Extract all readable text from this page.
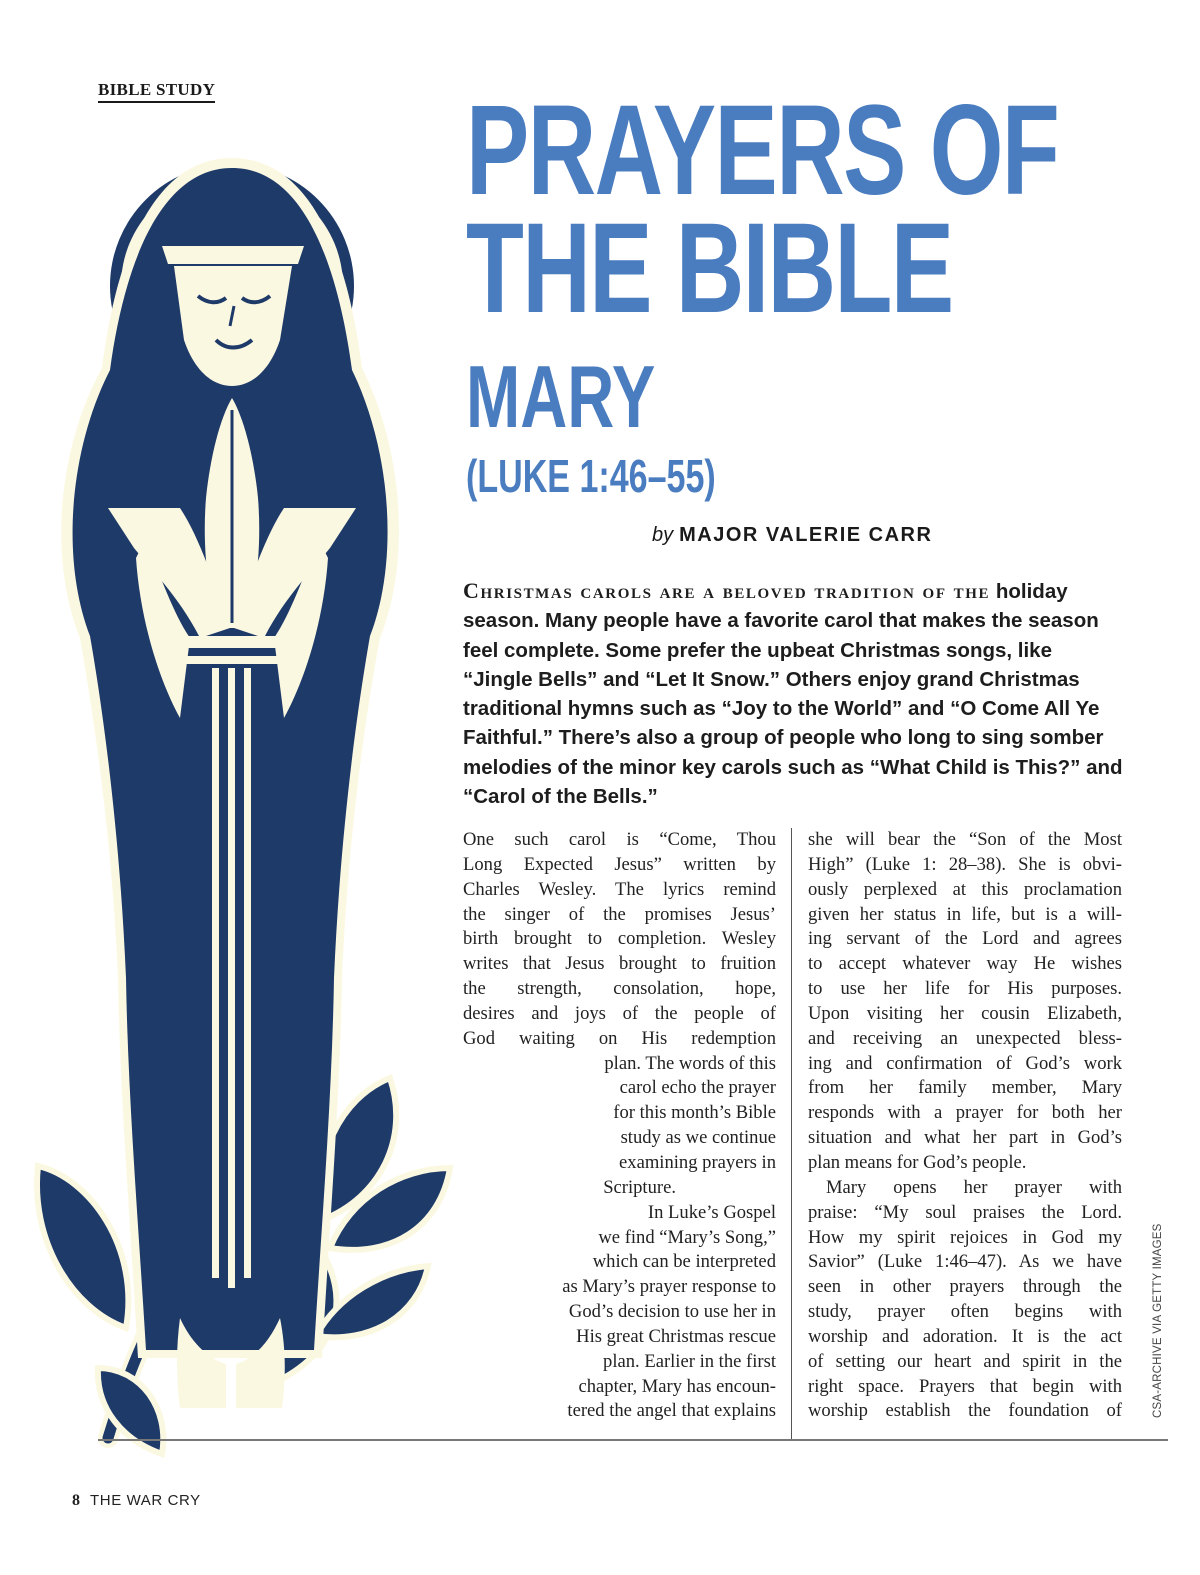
BIBLE STUDY PRAYERS OF
THE BIBLE
MARY
(LUKE 1:46–55)
by MAJOR VALERIE CARR

Christmas carols are a beloved tradition of the holiday season. Many people have a favorite carol that makes the season feel complete. Some prefer the upbeat Christmas songs, like “Jingle Bells” and “Let It Snow.” Others enjoy grand Christmas traditional hymns such as “Joy to the World” and “O Come All Ye Faithful.” There’s also a group of people who long to sing somber melodies of the minor key carols such as “What Child is This?” and “Carol of the Bells.”

One such carol is “Come, Thou
Long Expected Jesus” written by
Charles Wesley. The lyrics remind
the singer of the promises Jesus’
birth brought to completion. Wesley
writes that Jesus brought to fruition
the strength, consolation, hope,
desires and joys of the people of
God waiting on His redemption
plan. The words of this
carol echo the prayer
for this month’s Bible
study as we continue
examining prayers in
Scripture.
In Luke’s Gospel
we find “Mary’s Song,”
which can be interpreted
as Mary’s prayer response to
God’s decision to use her in
His great Christmas rescue
plan. Earlier in the first
chapter, Mary has encoun-
tered the angel that explains
she will bear the “Son of the Most
High” (Luke 1: 28–38). She is obvi-
ously perplexed at this proclamation
given her status in life, but is a will-
ing servant of the Lord and agrees
to accept whatever way He wishes
to use her life for His purposes.
Upon visiting her cousin Elizabeth,
and receiving an unexpected bless-
ing and confirmation of God’s work
from her family member, Mary
responds with a prayer for both her
situation and what her part in God’s
plan means for God’s people.
Mary opens her prayer with
praise: “My soul praises the Lord.
How my spirit rejoices in God my
Savior” (Luke 1:46–47). As we have
seen in other prayers through the
study, prayer often begins with
worship and adoration. It is the act
of setting our heart and spirit in the
right space. Prayers that begin with
worship establish the foundation of	CSA-ARCHIVE VIA GETTY IMAGES
8 THE WAR CRY
